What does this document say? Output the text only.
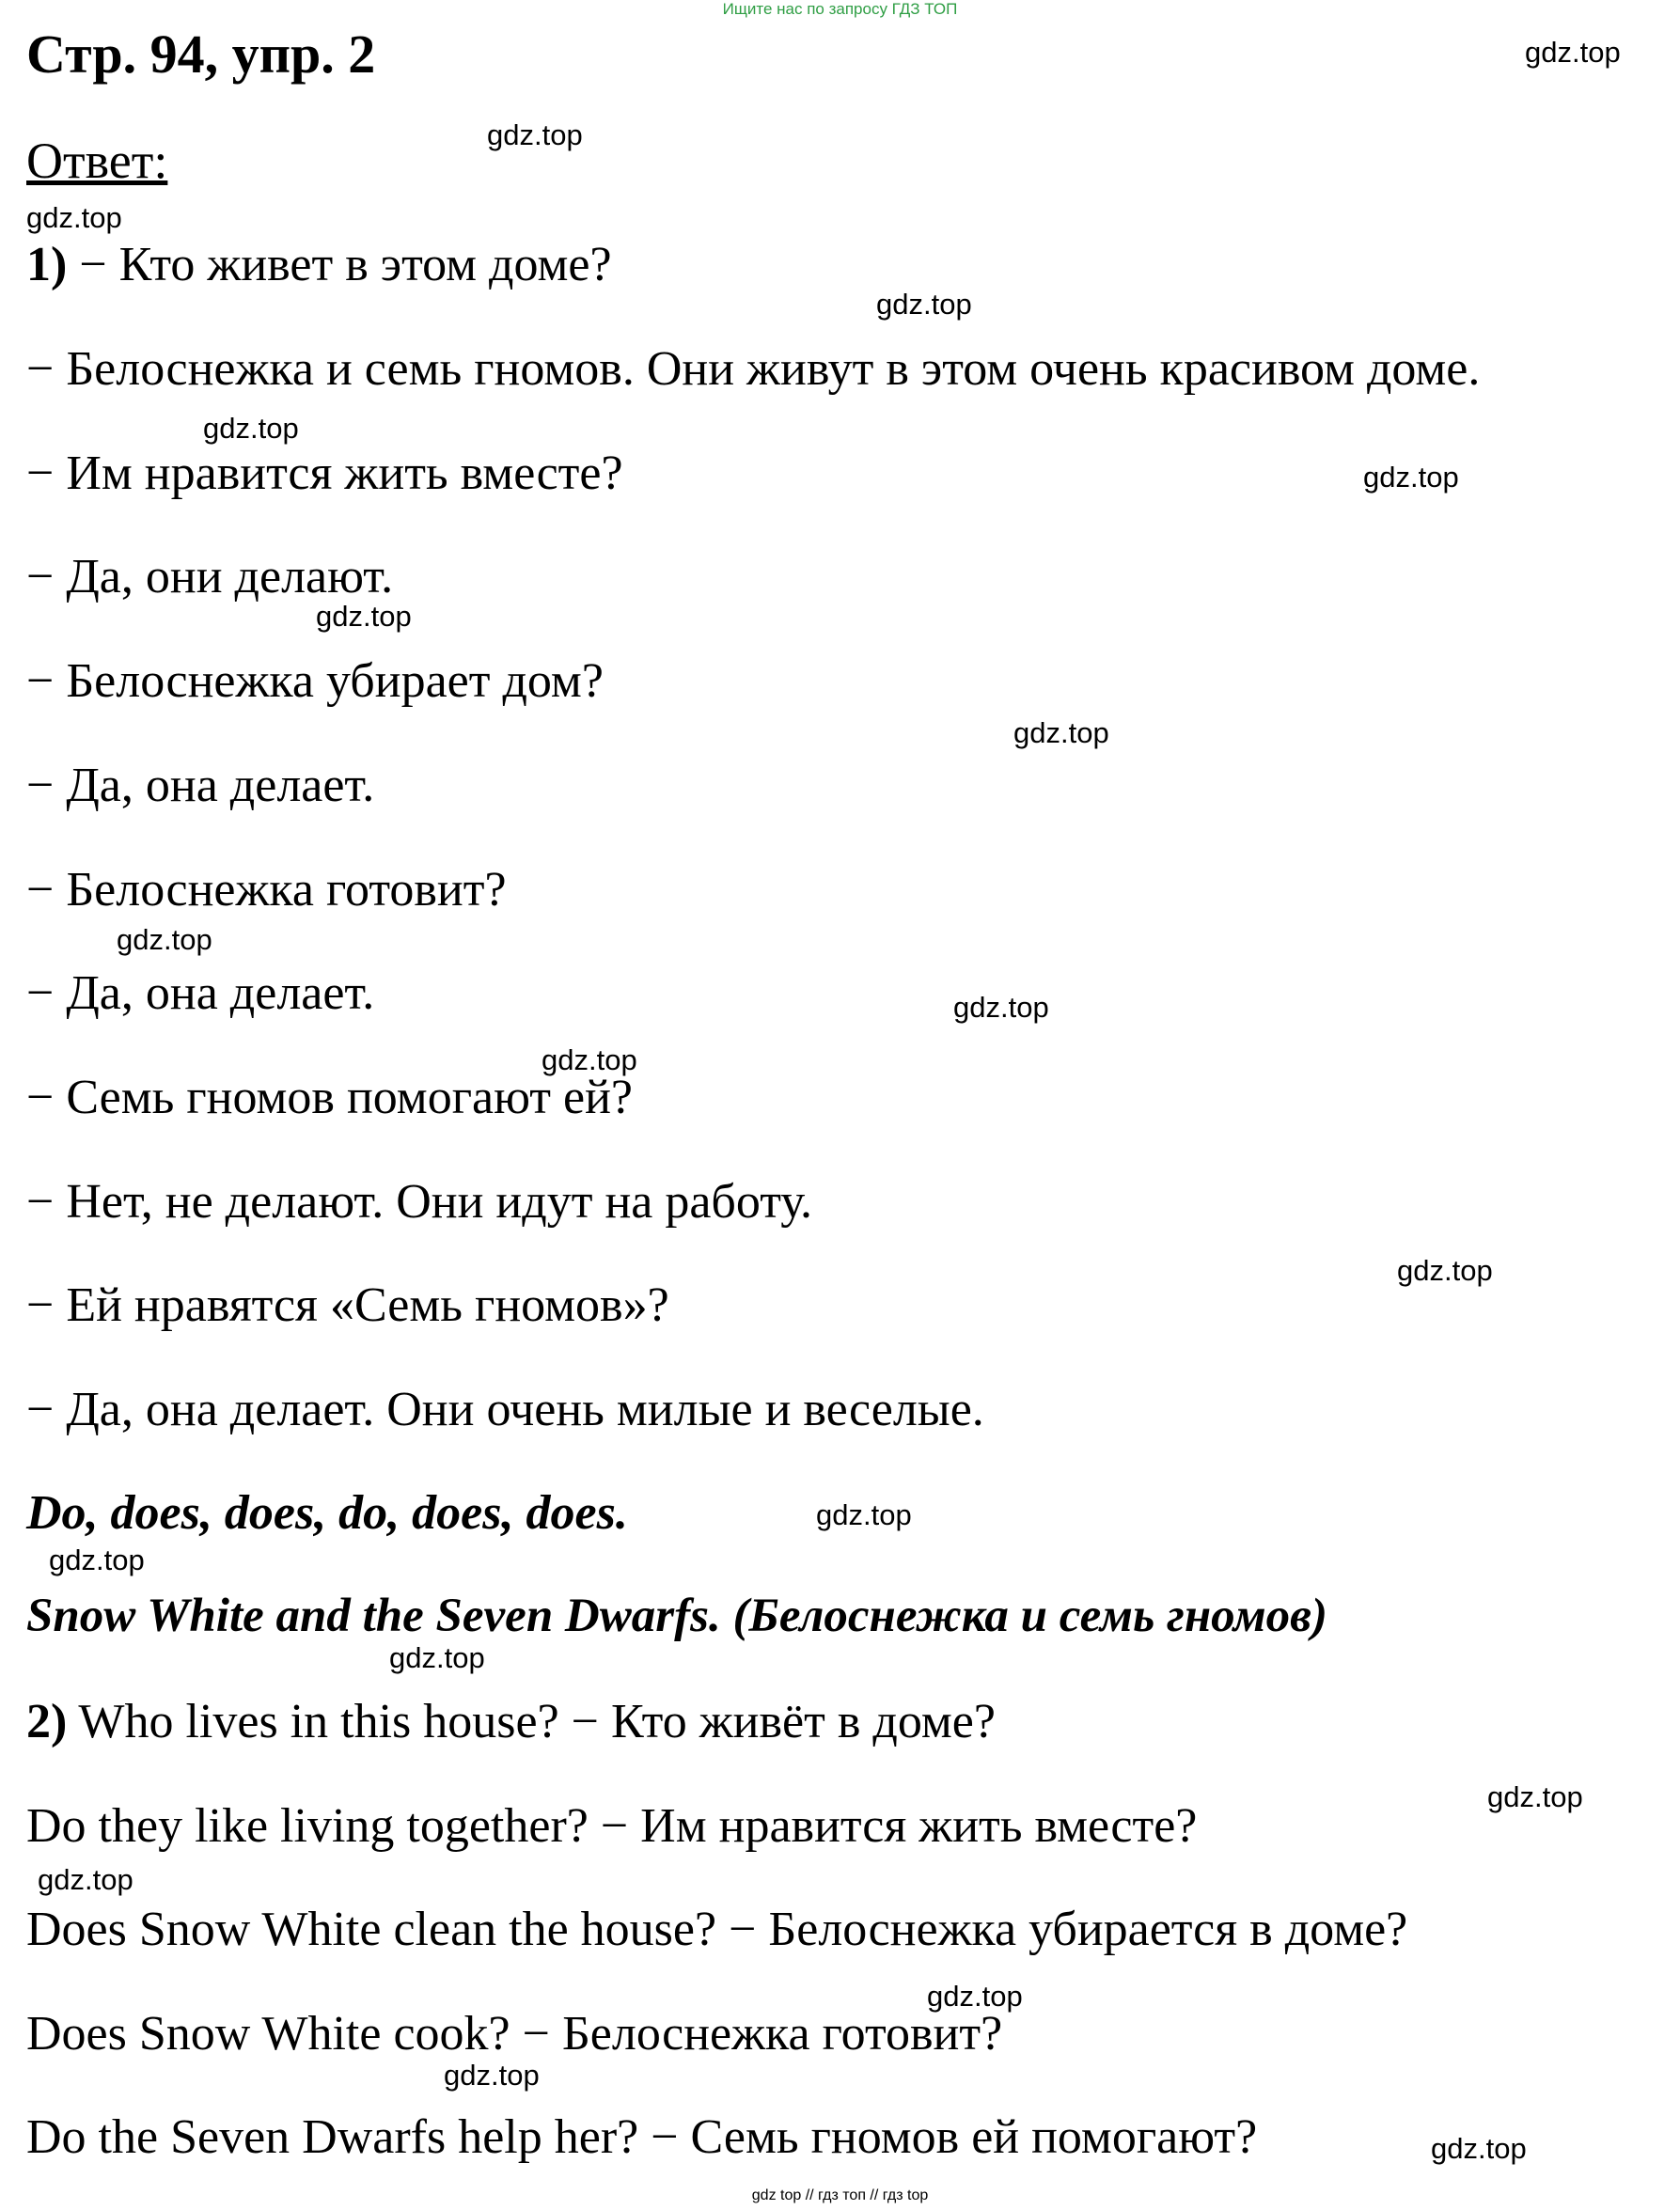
Ищите нас по запросу ГДЗ ТОП
Стр. 94, упр. 2
Ответ:
1) − Кто живет в этом доме?
− Белоснежка и семь гномов. Они живут в этом очень красивом доме.
− Им нравится жить вместе?
− Да, они делают.
− Белоснежка убирает дом?
− Да, она делает.
− Белоснежка готовит?
− Да, она делает.
− Семь гномов помогают ей?
− Нет, не делают. Они идут на работу.
− Ей нравятся «Семь гномов»?
− Да, она делает. Они очень милые и веселые.
Do, does, does, do, does, does.
Snow White and the Seven Dwarfs. (Белоснежка и семь гномов)
2) Who lives in this house? − Кто живёт в доме?
Do they like living together? − Им нравится жить вместе?
Does Snow White clean the house? − Белоснежка убирается в доме?
Does Snow White cook? − Белоснежка готовит?
Do the Seven Dwarfs help her? − Семь гномов ей помогают?
gdz.top
gdz.top
gdz.top
gdz.top
gdz.top
gdz.top
gdz.top
gdz.top
gdz.top
gdz.top
gdz.top
gdz.top
gdz.top
gdz.top
gdz.top
gdz.top
gdz.top
gdz.top
gdz.top
gdz.top
gdz top // гдз топ // гдз top
